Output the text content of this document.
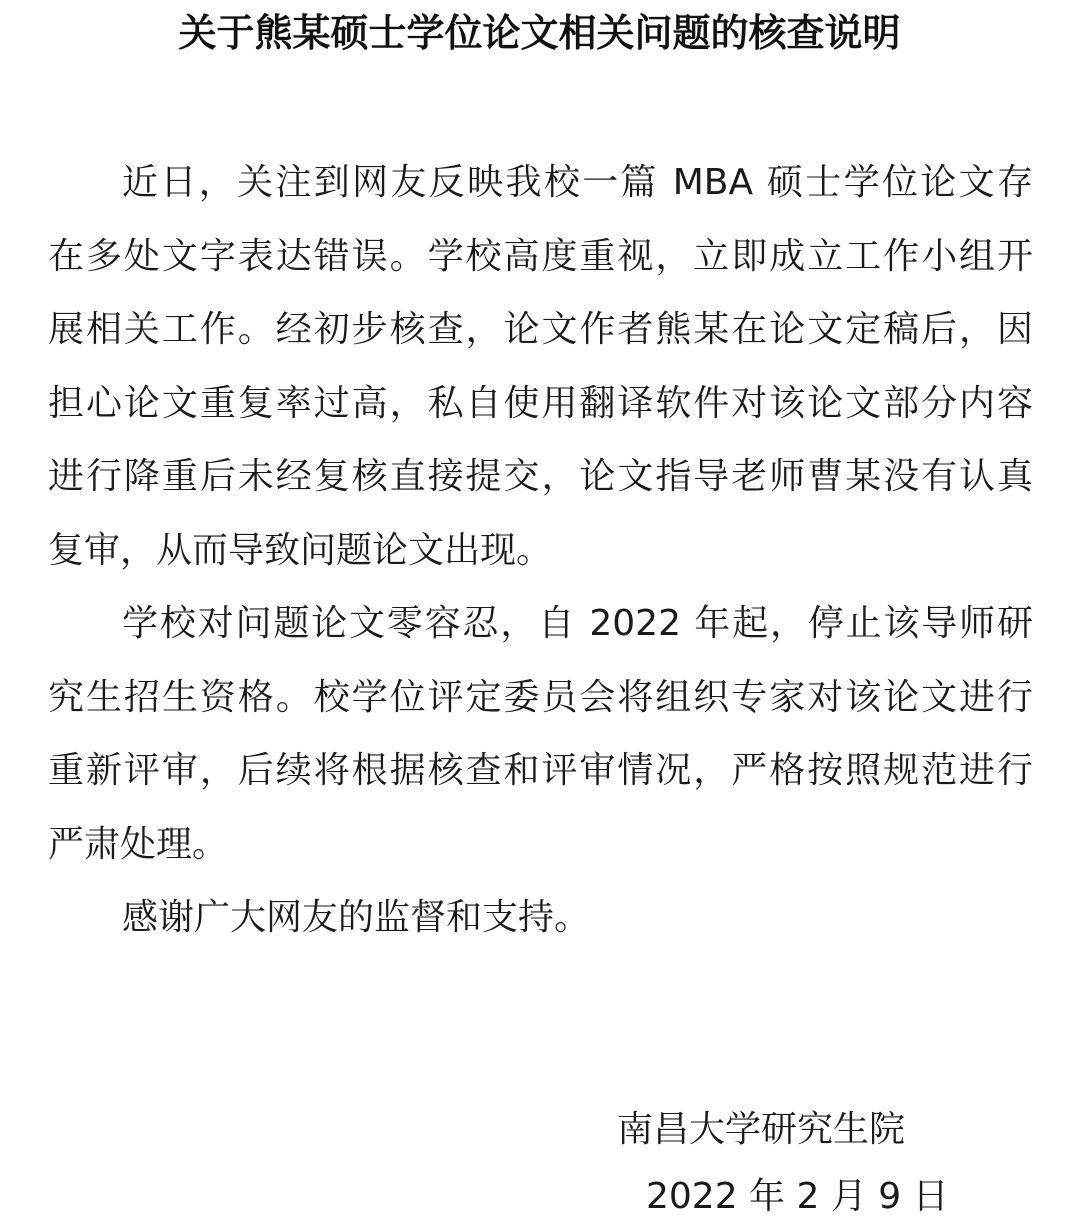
关于熊某硕士学位论文相关问题的核查说明

近日，关注到网友反映我校一篇 MBA 硕士学位论文存
在多处文字表达错误。学校高度重视，立即成立工作小组开
展相关工作。经初步核查，论文作者熊某在论文定稿后，因
担心论文重复率过高，私自使用翻译软件对该论文部分内容
进行降重后未经复核直接提交，论文指导老师曹某没有认真
复审，从而导致问题论文出现。

学校对问题论文零容忍，自 2022 年起，停止该导师研
究生招生资格。校学位评定委员会将组织专家对该论文进行
重新评审，后续将根据核查和评审情况，严格按照规范进行
严肃处理。

感谢广大网友的监督和支持。

南昌大学研究生院
2022 年 2 月 9 日
